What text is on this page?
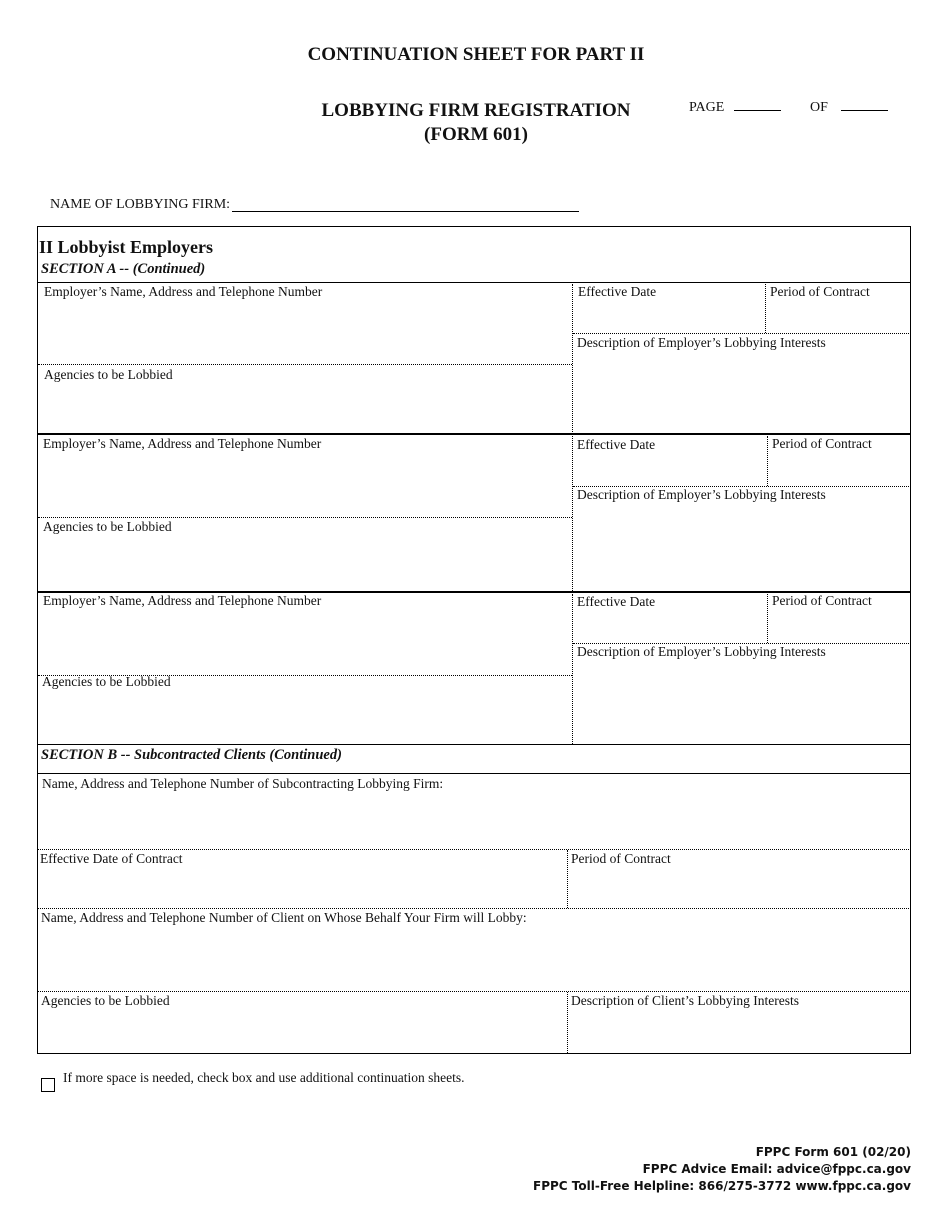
CONTINUATION SHEET FOR PART II
LOBBYING FIRM REGISTRATION
(FORM 601)
PAGE	OF
NAME OF LOBBYING FIRM:
II Lobbyist Employers
SECTION A -- (Continued)
Employer’s Name, Address and Telephone Number	Effective Date	Period of Contract
Description of Employer’s Lobbying Interests
Agencies to be Lobbied
Employer’s Name, Address and Telephone Number	Effective Date	Period of Contract
Description of Employer’s Lobbying Interests
Agencies to be Lobbied
Employer’s Name, Address and Telephone Number	Effective Date	Period of Contract
Description of Employer’s Lobbying Interests
Agencies to be Lobbied
SECTION B -- Subcontracted Clients (Continued)
Name, Address and Telephone Number of Subcontracting Lobbying Firm:
Effective Date of Contract	Period of Contract
Name, Address and Telephone Number of Client on Whose Behalf Your Firm will Lobby:
Agencies to be Lobbied	Description of Client’s Lobbying Interests
If more space is needed, check box and use additional continuation sheets.
FPPC Form 601 (02/20)
FPPC Advice Email: advice@fppc.ca.gov
FPPC Toll-Free Helpline: 866/275-3772 www.fppc.ca.gov
